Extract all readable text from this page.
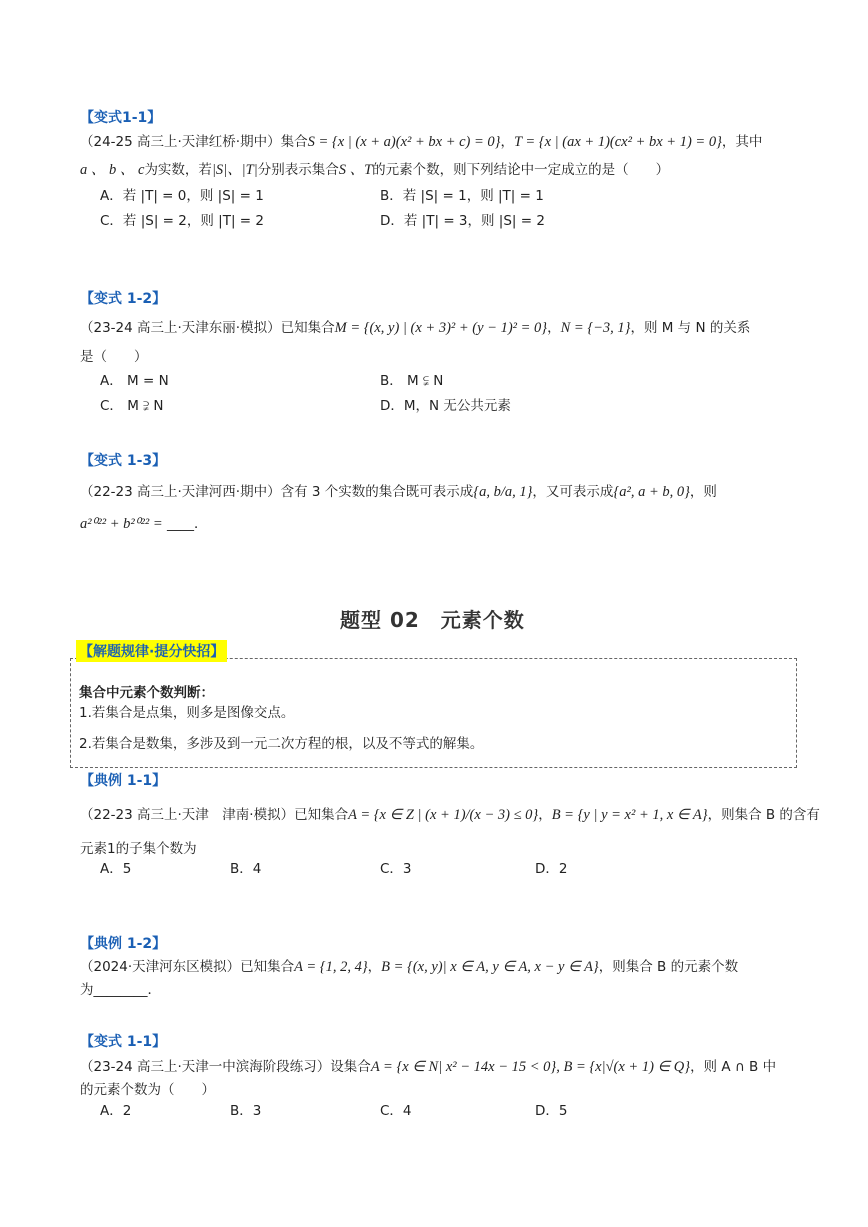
【变式1-1】
（24-25 高三上·天津红桥·期中）集合S = {x | (x + a)(x² + bx + c) = 0}，T = {x | (ax + 1)(cx² + bx + 1) = 0}，其中
a 、 b 、 c为实数，若|S|、|T|分别表示集合S 、T的元素个数，则下列结论中一定成立的是（　　）
A．若 |T| = 0，则 |S| = 1	B．若 |S| = 1，则 |T| = 1
C．若 |S| = 2，则 |T| = 2	D．若 |T| = 3，则 |S| = 2
【变式 1-2】
（23-24 高三上·天津东丽·模拟）已知集合M = {(x, y) | (x + 3)² + (y − 1)² = 0}，N = {−3, 1}，则 M 与 N 的关系
是（　　）
A． M = N	B． M ⫋ N
C． M ⫌ N	D．M，N 无公共元素
【变式 1-3】
（22-23 高三上·天津河西·期中）含有 3 个实数的集合既可表示成{a, b/a, 1}，又可表示成{a², a + b, 0}，则
a²⁰²² + b²⁰²² = ____．
题型 02　元素个数
【解题规律·提分快招】
集合中元素个数判断：
1.若集合是点集，则多是图像交点。
2.若集合是数集，多涉及到一元二次方程的根，以及不等式的解集。
【典例 1-1】
（22-23 高三上·天津　津南·模拟）已知集合A = {x ∈ Z | (x + 1)/(x − 3) ≤ 0}，B = {y | y = x² + 1, x ∈ A}，则集合 B 的含有
元素1的子集个数为
A．5	B．4	C．3	D．2
【典例 1-2】
（2024·天津河东区模拟）已知集合A = {1, 2, 4}，B = {(x, y)| x ∈ A, y ∈ A, x − y ∈ A}，则集合 B 的元素个数
为________．
【变式 1-1】
（23-24 高三上·天津一中滨海阶段练习）设集合A = {x ∈ N| x² − 14x − 15 < 0}, B = {x|√(x + 1) ∈ Q}，则 A ∩ B 中
的元素个数为（　　）
A．2	B．3	C．4	D．5
